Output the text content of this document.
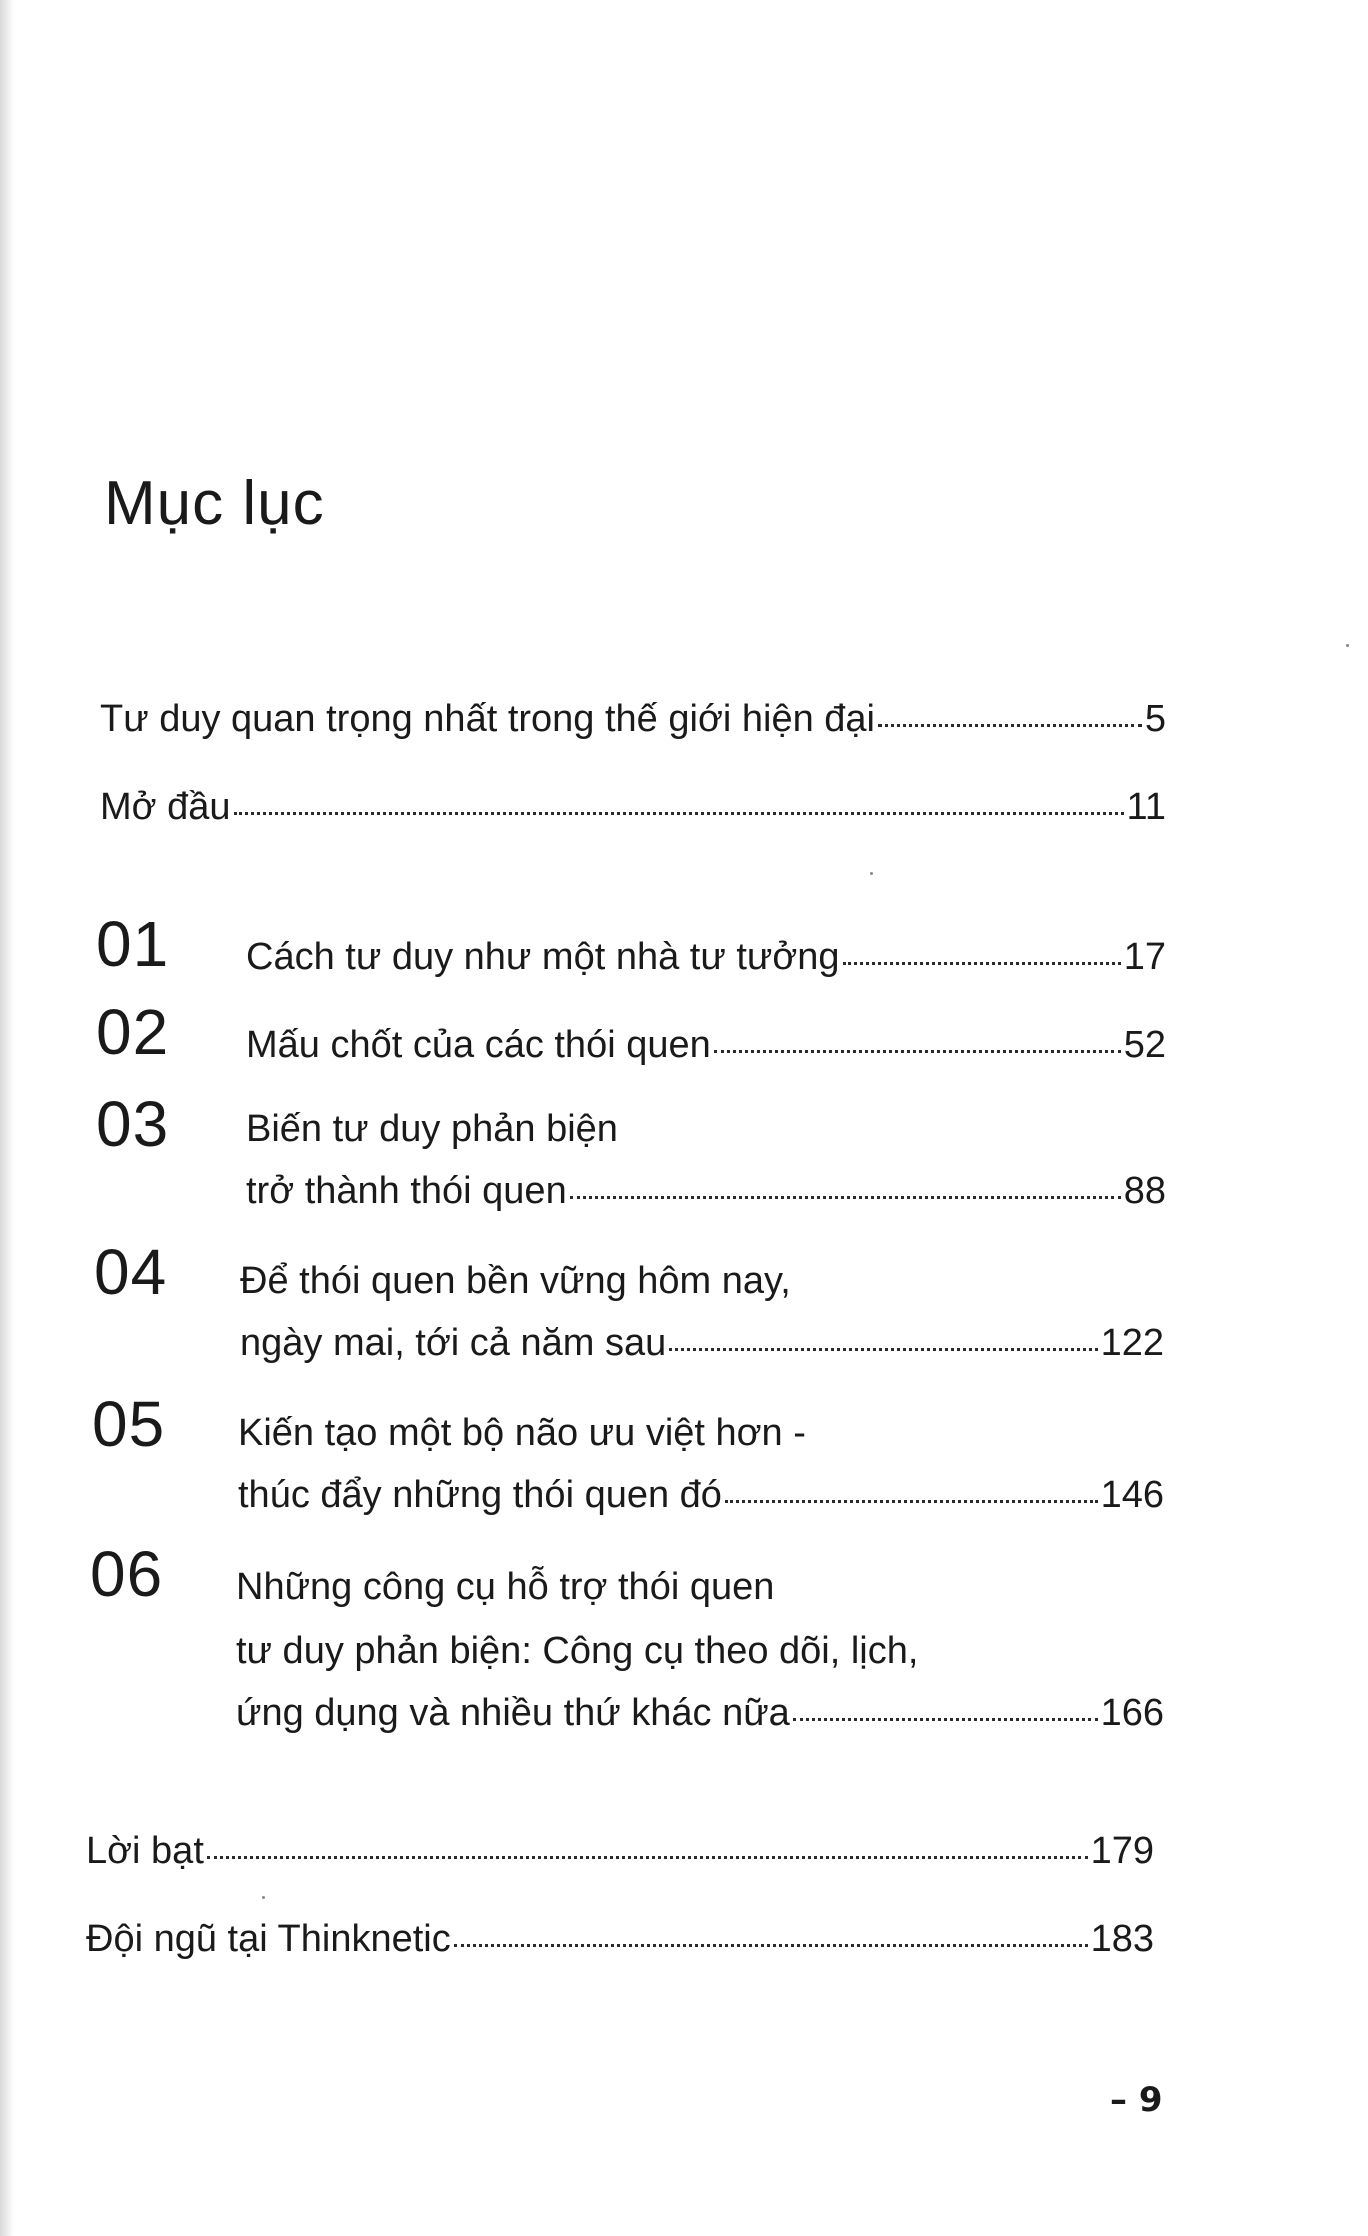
Mục lục
Tư duy quan trọng nhất trong thế giới hiện đại	5
Mở đầu	11
01 Cách tư duy như một nhà tư tưởng	17
02 Mấu chốt của các thói quen	52
03 Biến tư duy phản biện
trở thành thói quen	88
04 Để thói quen bền vững hôm nay,
ngày mai, tới cả năm sau	122
05 Kiến tạo một bộ não ưu việt hơn -
thúc đẩy những thói quen đó	146
06 Những công cụ hỗ trợ thói quen
tư duy phản biện: Công cụ theo dõi, lịch,
ứng dụng và nhiều thứ khác nữa	166
Lời bạt	179
Đội ngũ tại Thinknetic	183
– 9
